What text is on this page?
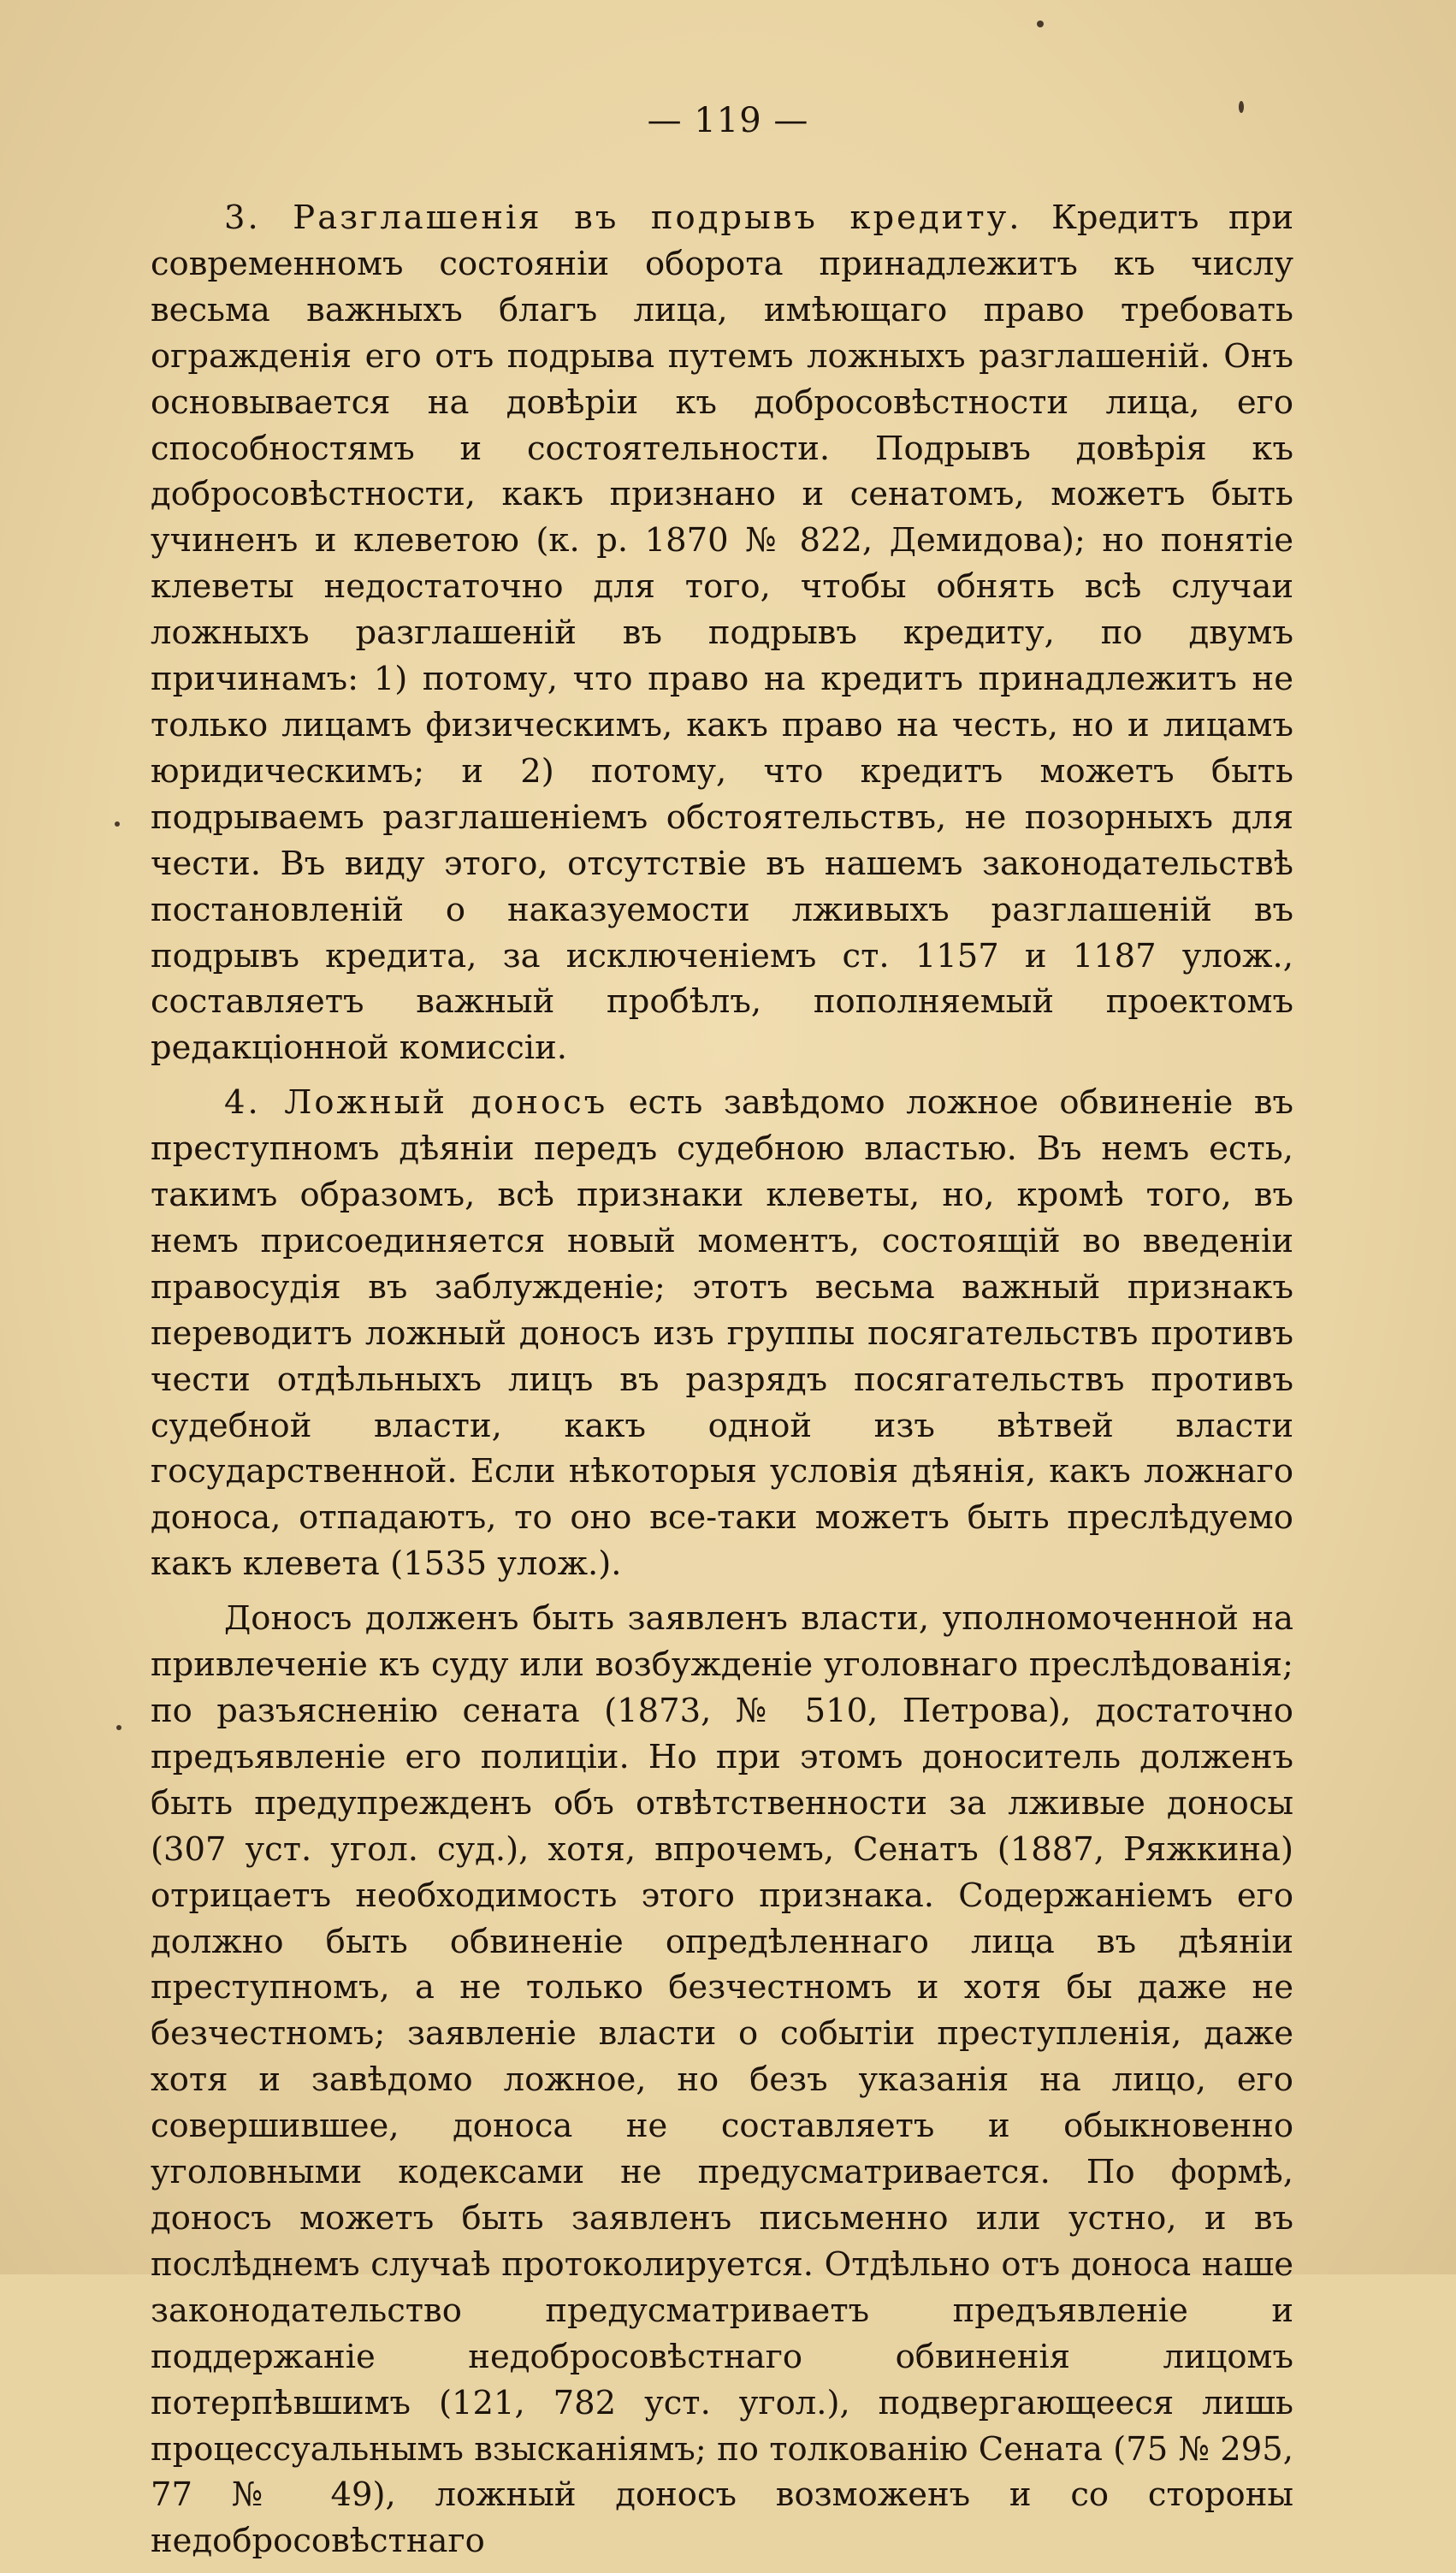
— 119 —

3. Разглашенія въ подрывъ кредиту. Кредитъ при современномъ состояніи оборота принадлежитъ къ числу весьма важныхъ благъ лица, имѣющаго право требовать огражденія его отъ подрыва путемъ ложныхъ разглашеній. Онъ основывается на довѣріи къ добросовѣстности лица, его способностямъ и состоятельности. Подрывъ довѣрія къ добросовѣстности, какъ признано и сенатомъ, можетъ быть учиненъ и клеветою (к. р. 1870 № 822, Демидова); но понятіе клеветы недостаточно для того, чтобы обнять всѣ случаи ложныхъ разглашеній въ подрывъ кредиту, по двумъ причинамъ: 1) потому, что право на кредитъ принадлежитъ не только лицамъ физическимъ, какъ право на честь, но и лицамъ юридическимъ; и 2) потому, что кредитъ можетъ быть подрываемъ разглашеніемъ обстоятельствъ, не позорныхъ для чести. Въ виду этого, отсутствіе въ нашемъ законодательствѣ постановленій о наказуемости лживыхъ разглашеній въ подрывъ кредита, за исключеніемъ ст. 1157 и 1187 улож., составляетъ важный пробѣлъ, пополняемый проектомъ редакціонной комиссіи.

4. Ложный доносъ есть завѣдомо ложное обвиненіе въ преступномъ дѣяніи передъ судебною властью. Въ немъ есть, такимъ образомъ, всѣ признаки клеветы, но, кромѣ того, въ немъ присоединяется новый моментъ, состоящій во введеніи правосудія въ заблужденіе; этотъ весьма важный признакъ переводитъ ложный доносъ изъ группы посягательствъ противъ чести отдѣльныхъ лицъ въ разрядъ посягательствъ противъ судебной власти, какъ одной изъ вѣтвей власти государственной. Если нѣкоторыя условія дѣянія, какъ ложнаго доноса, отпадаютъ, то оно все-таки можетъ быть преслѣдуемо какъ клевета (1535 улож.).

Доносъ долженъ быть заявленъ власти, уполномоченной на привлеченіе къ суду или возбужденіе уголовнаго преслѣдованія; по разъясненію сената (1873, № 510, Петрова), достаточно предъявленіе его полиціи. Но при этомъ доноситель долженъ быть предупрежденъ объ отвѣтственности за лживые доносы (307 уст. угол. суд.), хотя, впрочемъ, Сенатъ (1887, Ряжкина) отрицаетъ необходимость этого признака. Содержаніемъ его должно быть обвиненіе опредѣленнаго лица въ дѣяніи преступномъ, а не только безчестномъ и хотя бы даже не безчестномъ; заявленіе власти о событіи преступленія, даже хотя и завѣдомо ложное, но безъ указанія на лицо, его совершившее, доноса не составляетъ и обыкновенно уголовными кодексами не предусматривается. По формѣ, доносъ можетъ быть заявленъ письменно или устно, и въ послѣднемъ случаѣ протоколируется. Отдѣльно отъ доноса наше законодательство предусматриваетъ предъявленіе и поддержаніе недобросовѣстнаго обвиненія лицомъ потерпѣвшимъ (121, 782 уст. угол.), подвергающееся лишь процессуальнымъ взысканіямъ; по толкованію Сената (75 № 295, 77 № 49), ложный доносъ возможенъ и со стороны недобросовѣстнаго
